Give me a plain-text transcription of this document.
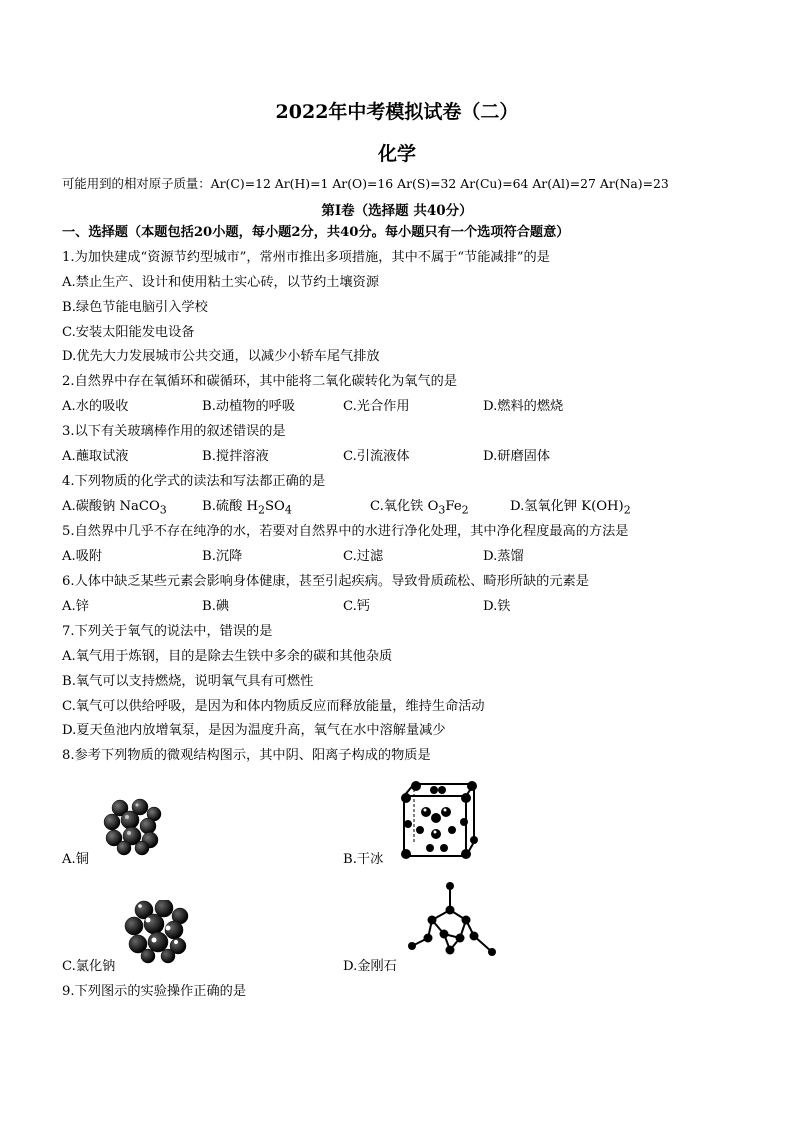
2022年中考模拟试卷（二）
化学
可能用到的相对原子质量：Ar(C)=12 Ar(H)=1 Ar(O)=16 Ar(S)=32 Ar(Cu)=64 Ar(Al)=27 Ar(Na)=23
第Ⅰ卷（选择题 共40分）
一、选择题（本题包括20小题，每小题2分，共40分。每小题只有一个选项符合题意）
1.为加快建成“资源节约型城市”，常州市推出多项措施，其中不属于“节能减排”的是
A.禁止生产、设计和使用粘土实心砖，以节约土壤资源
B.绿色节能电脑引入学校
C.安装太阳能发电设备
D.优先大力发展城市公共交通，以减少小轿车尾气排放
2.自然界中存在氧循环和碳循环，其中能将二氧化碳转化为氧气的是
A.水的吸收	B.动植物的呼吸	C.光合作用	D.燃料的燃烧
3.以下有关玻璃棒作用的叙述错误的是
A.蘸取试液	B.搅拌溶液	C.引流液体	D.研磨固体
4.下列物质的化学式的读法和写法都正确的是
A.碳酸钠 NaCO$_3$	B.硫酸 $H_2SO_4$	C.氧化铁 $O_3Fe_2$	D.氢氧化钾 $K(OH)_2$
5.自然界中几乎不存在纯净的水，若要对自然界中的水进行净化处理，其中净化程度最高的方法是
A.吸附	B.沉降	C.过滤	D.蒸馏
6.人体中缺乏某些元素会影响身体健康，甚至引起疾病。导致骨质疏松、畸形所缺的元素是
A.锌	B.碘	C.钙	D.铁
7.下列关于氧气的说法中，错误的是
A.氧气用于炼钢，目的是除去生铁中多余的碳和其他杂质
B.氧气可以支持燃烧，说明氧气具有可燃性
C.氧气可以供给呼吸，是因为和体内物质反应而释放能量，维持生命活动
D.夏天鱼池内放增氧泵，是因为温度升高，氧气在水中溶解量减少
8.参考下列物质的微观结构图示，其中阴、阳离子构成的物质是
A.铜	B.干冰
C.氯化钠	D.金刚石
9.下列图示的实验操作正确的是
